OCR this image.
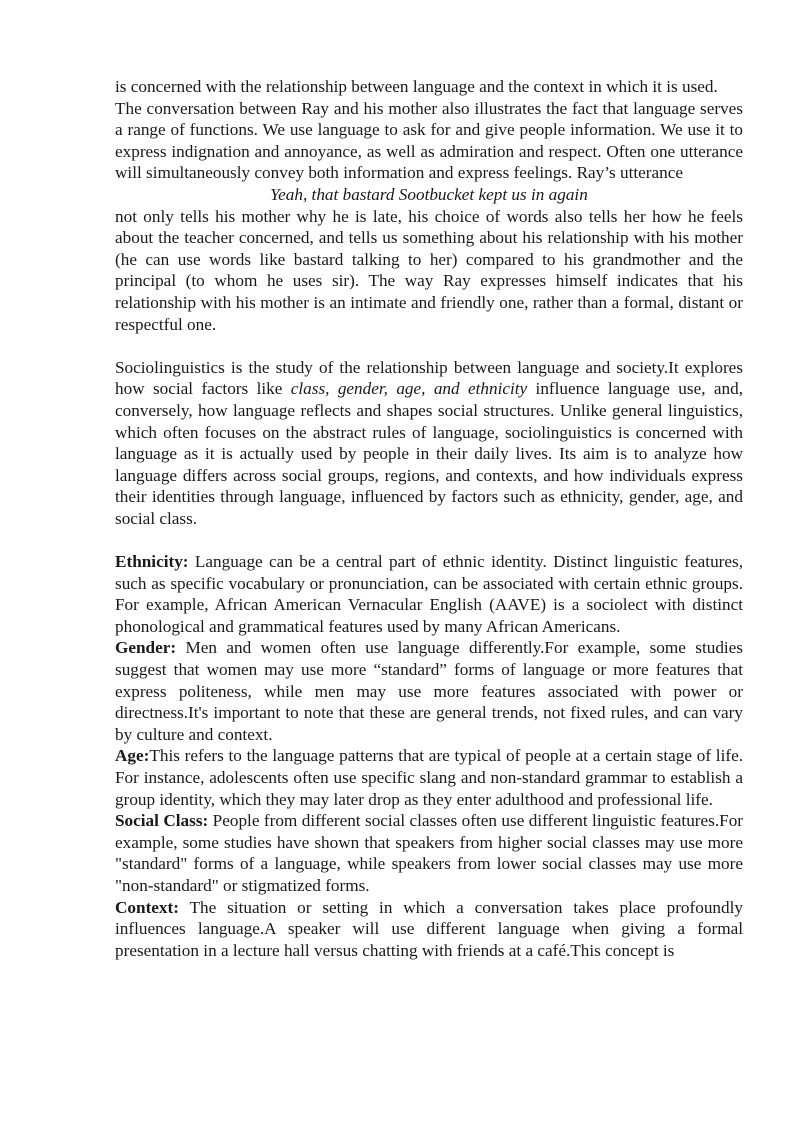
is concerned with the relationship between language and the context in which it is used.

The conversation between Ray and his mother also illustrates the fact that language serves a range of functions. We use language to ask for and give people information. We use it to express indignation and annoyance, as well as admiration and respect. Often one utterance will simultaneously convey both information and express feelings. Ray’s utterance

Yeah, that bastard Sootbucket kept us in again

not only tells his mother why he is late, his choice of words also tells her how he feels about the teacher concerned, and tells us something about his relationship with his mother (he can use words like bastard talking to her) compared to his grandmother and the principal (to whom he uses sir). The way Ray expresses himself indicates that his relationship with his mother is an intimate and friendly one, rather than a formal, distant or respectful one.

Sociolinguistics is the study of the relationship between language and society.It explores how social factors like class, gender, age, and ethnicity influence language use, and, conversely, how language reflects and shapes social structures. Unlike general linguistics, which often focuses on the abstract rules of language, sociolinguistics is concerned with language as it is actually used by people in their daily lives. Its aim is to analyze how language differs across social groups, regions, and contexts, and how individuals express their identities through language, influenced by factors such as ethnicity, gender, age, and social class.

Ethnicity: Language can be a central part of ethnic identity. Distinct linguistic features, such as specific vocabulary or pronunciation, can be associated with certain ethnic groups. For example, African American Vernacular English (AAVE) is a sociolect with distinct phonological and grammatical features used by many African Americans.

Gender: Men and women often use language differently.For example, some studies suggest that women may use more “standard” forms of language or more features that express politeness, while men may use more features associated with power or directness.It's important to note that these are general trends, not fixed rules, and can vary by culture and context.

Age:This refers to the language patterns that are typical of people at a certain stage of life. For instance, adolescents often use specific slang and non-standard grammar to establish a group identity, which they may later drop as they enter adulthood and professional life.

Social Class: People from different social classes often use different linguistic features.For example, some studies have shown that speakers from higher social classes may use more "standard" forms of a language, while speakers from lower social classes may use more "non-standard" or stigmatized forms.

Context: The situation or setting in which a conversation takes place profoundly influences language.A speaker will use different language when giving a formal presentation in a lecture hall versus chatting with friends at a café.This concept is
